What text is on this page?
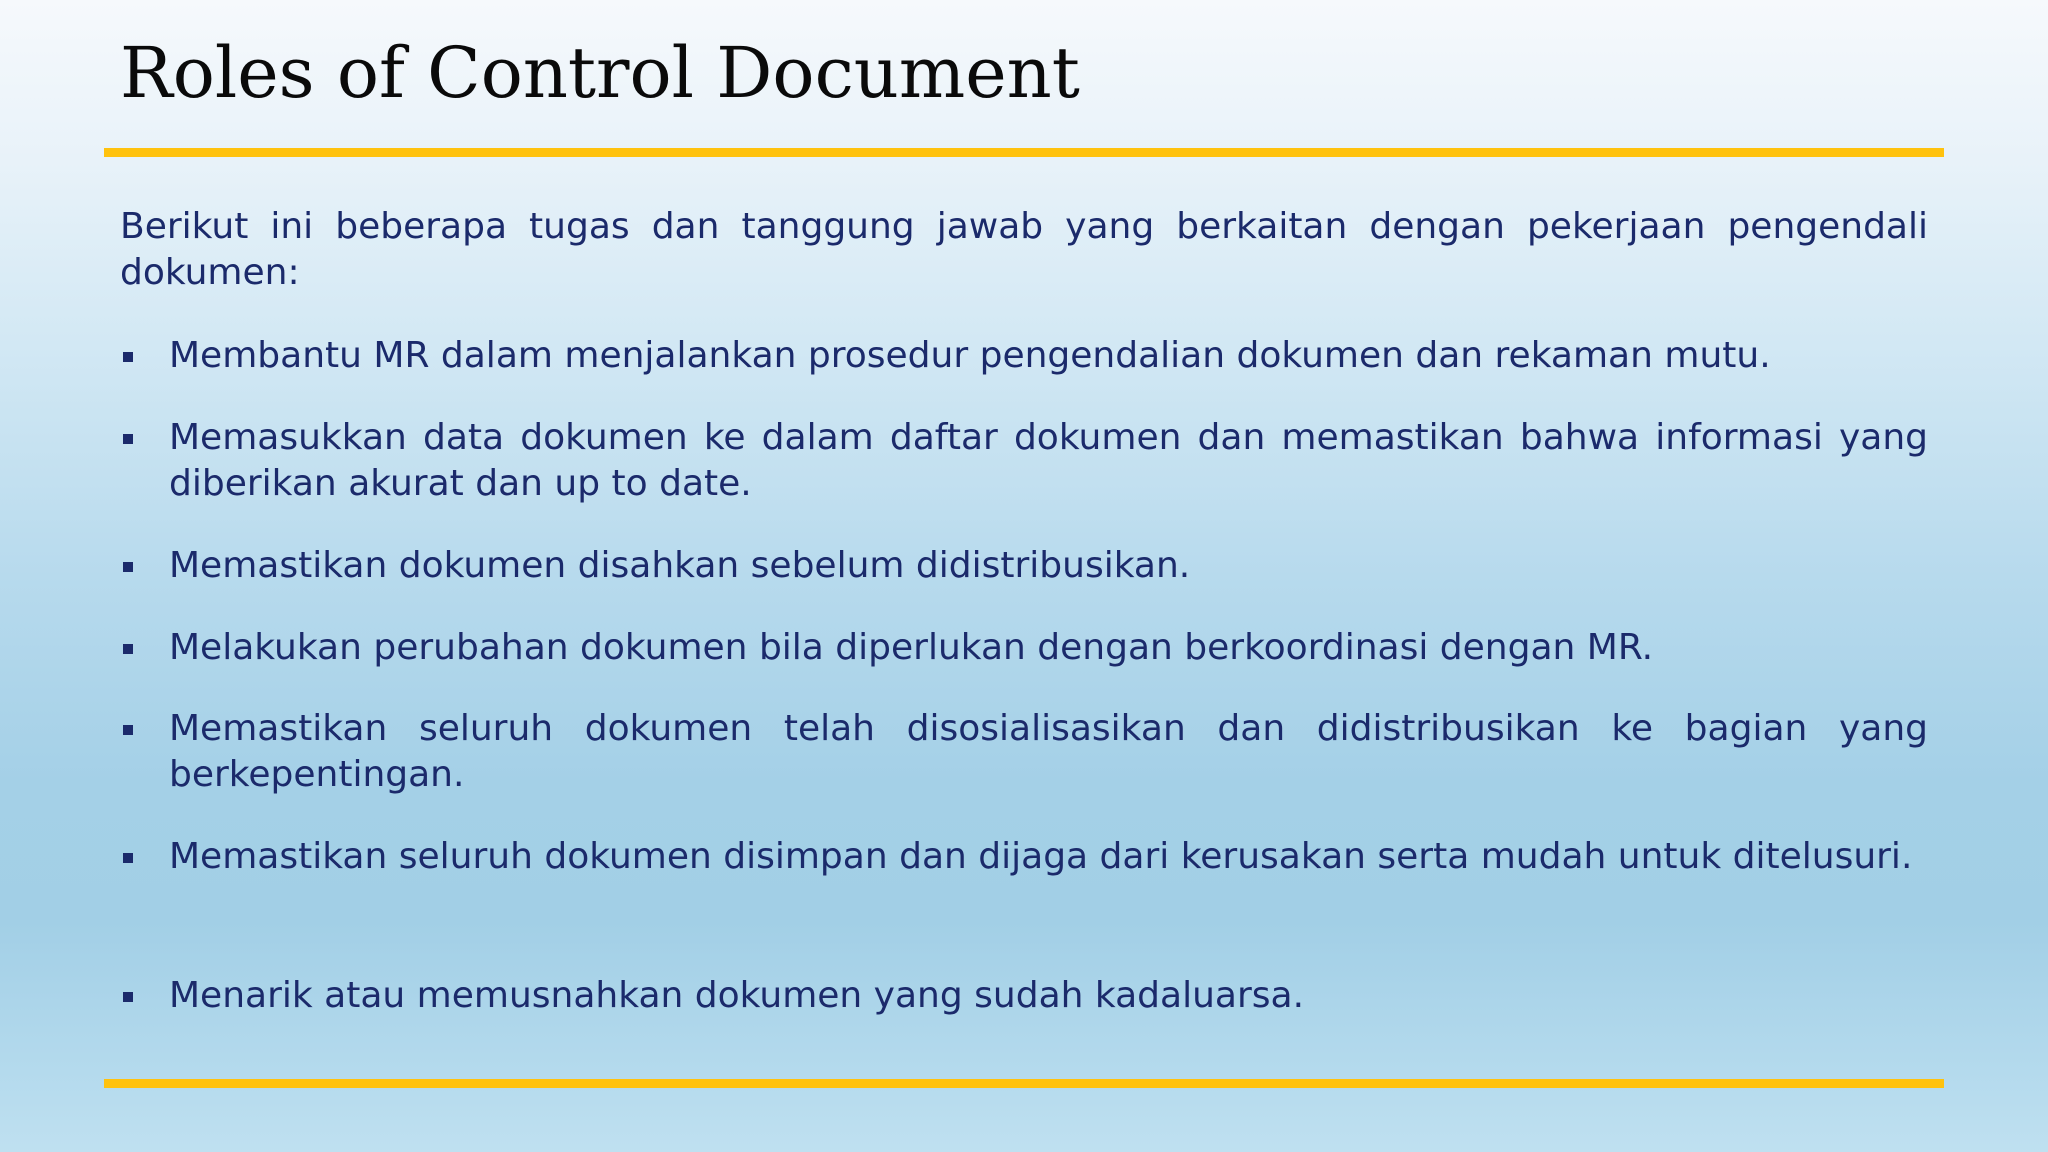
Roles of Control Document

Berikut ini beberapa tugas dan tanggung jawab yang berkaitan dengan pekerjaan pengendali dokumen:

Membantu MR dalam menjalankan prosedur pengendalian dokumen dan rekaman mutu.
Memasukkan data dokumen ke dalam daftar dokumen dan memastikan bahwa informasi yang diberikan akurat dan up to date.
Memastikan dokumen disahkan sebelum didistribusikan.
Melakukan perubahan dokumen bila diperlukan dengan berkoordinasi dengan MR.
Memastikan seluruh dokumen telah disosialisasikan dan didistribusikan ke bagian yang berkepentingan.
Memastikan seluruh dokumen disimpan dan dijaga dari kerusakan serta mudah untuk ditelusuri.
Menarik atau memusnahkan dokumen yang sudah kadaluarsa.
